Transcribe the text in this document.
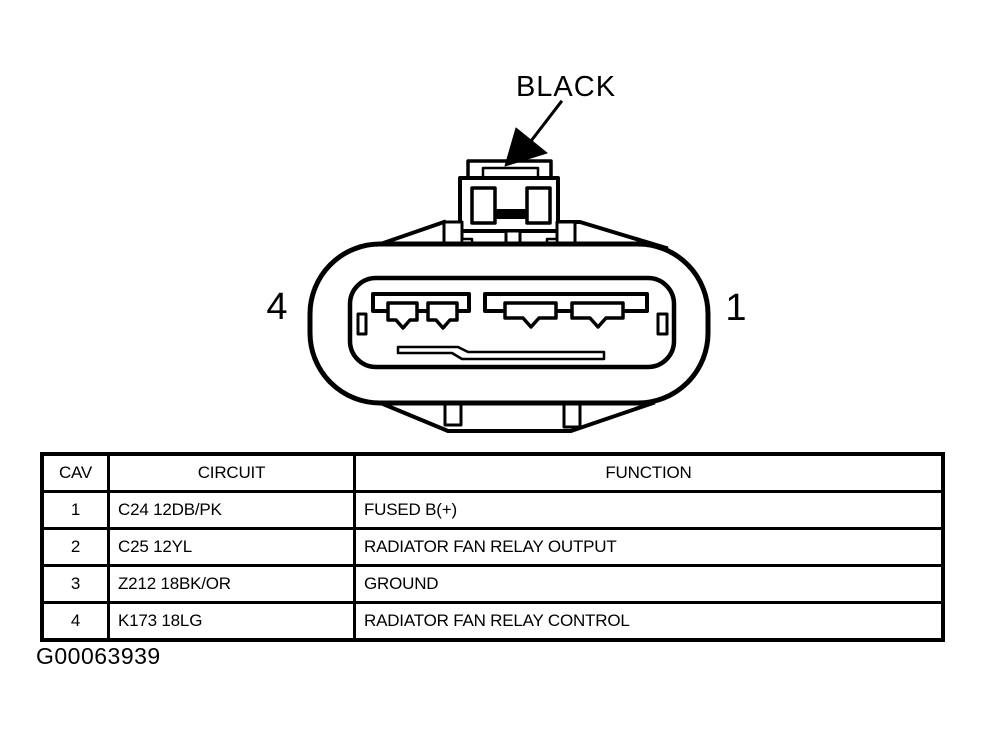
BLACK
4	1
CAV	CIRCUIT	FUNCTION
1	C24 12DB/PK	FUSED B(+)
2	C25 12YL	RADIATOR FAN RELAY OUTPUT
3	Z212 18BK/OR	GROUND
4	K173 18LG	RADIATOR FAN RELAY CONTROL
G00063939
